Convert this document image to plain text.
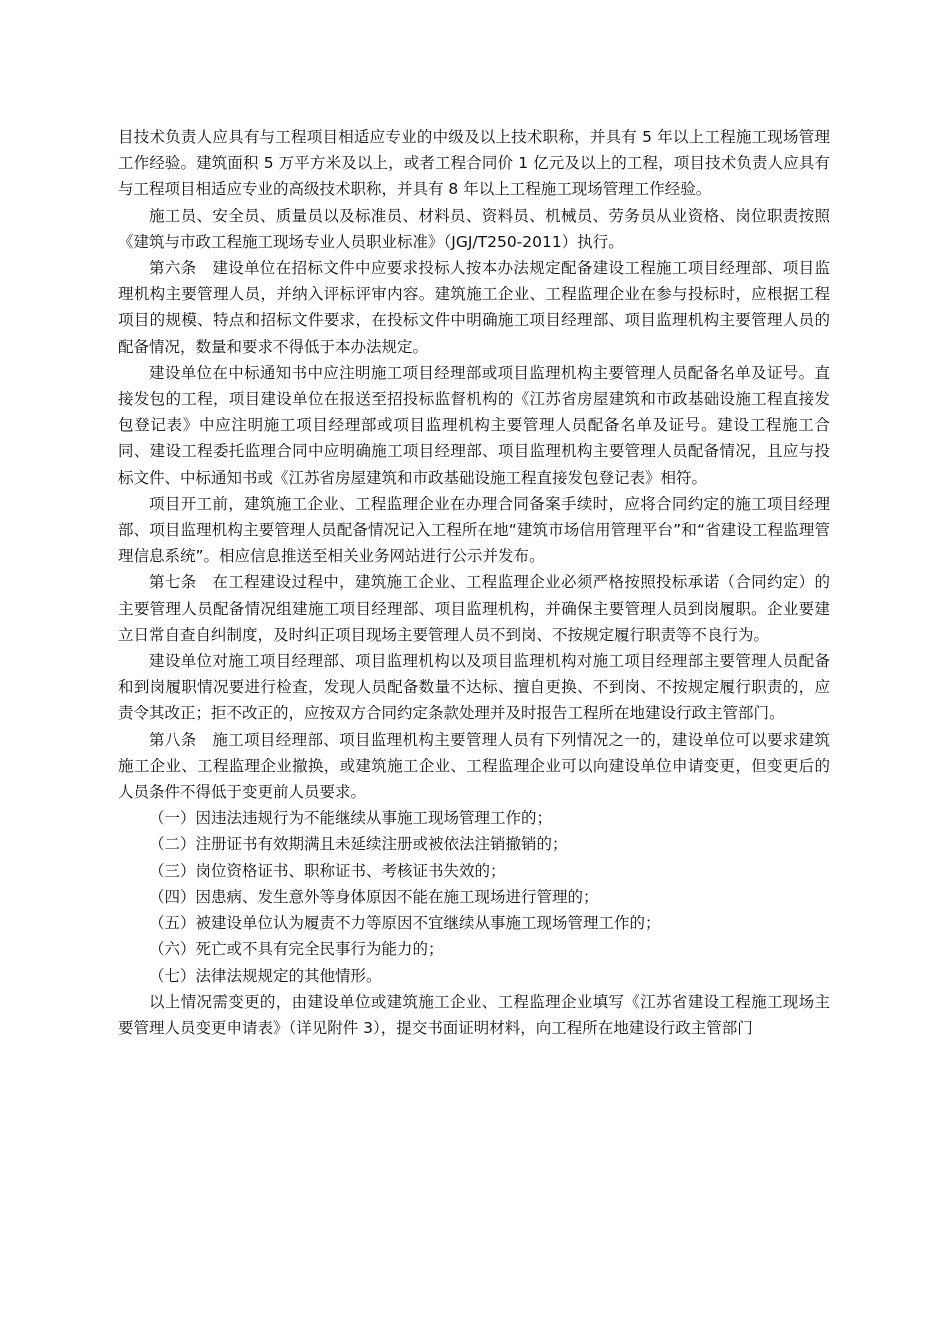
目技术负责人应具有与工程项目相适应专业的中级及以上技术职称，并具有 5 年以上工程施工现场管理工作经验。建筑面积 5 万平方米及以上，或者工程合同价 1 亿元及以上的工程，项目技术负责人应具有与工程项目相适应专业的高级技术职称，并具有 8 年以上工程施工现场管理工作经验。

施工员、安全员、质量员以及标准员、材料员、资料员、机械员、劳务员从业资格、岗位职责按照《建筑与市政工程施工现场专业人员职业标准》（JGJ/T250-2011）执行。

第六条　建设单位在招标文件中应要求投标人按本办法规定配备建设工程施工项目经理部、项目监理机构主要管理人员，并纳入评标评审内容。建筑施工企业、工程监理企业在参与投标时，应根据工程项目的规模、特点和招标文件要求，在投标文件中明确施工项目经理部、项目监理机构主要管理人员的配备情况，数量和要求不得低于本办法规定。

建设单位在中标通知书中应注明施工项目经理部或项目监理机构主要管理人员配备名单及证号。直接发包的工程，项目建设单位在报送至招投标监督机构的《江苏省房屋建筑和市政基础设施工程直接发包登记表》中应注明施工项目经理部或项目监理机构主要管理人员配备名单及证号。建设工程施工合同、建设工程委托监理合同中应明确施工项目经理部、项目监理机构主要管理人员配备情况，且应与投标文件、中标通知书或《江苏省房屋建筑和市政基础设施工程直接发包登记表》相符。

项目开工前，建筑施工企业、工程监理企业在办理合同备案手续时，应将合同约定的施工项目经理部、项目监理机构主要管理人员配备情况记入工程所在地“建筑市场信用管理平台”和“省建设工程监理管理信息系统”。相应信息推送至相关业务网站进行公示并发布。

第七条　在工程建设过程中，建筑施工企业、工程监理企业必须严格按照投标承诺（合同约定）的主要管理人员配备情况组建施工项目经理部、项目监理机构，并确保主要管理人员到岗履职。企业要建立日常自查自纠制度，及时纠正项目现场主要管理人员不到岗、不按规定履行职责等不良行为。

建设单位对施工项目经理部、项目监理机构以及项目监理机构对施工项目经理部主要管理人员配备和到岗履职情况要进行检查，发现人员配备数量不达标、擅自更换、不到岗、不按规定履行职责的，应责令其改正；拒不改正的，应按双方合同约定条款处理并及时报告工程所在地建设行政主管部门。

第八条　施工项目经理部、项目监理机构主要管理人员有下列情况之一的，建设单位可以要求建筑施工企业、工程监理企业撤换，或建筑施工企业、工程监理企业可以向建设单位申请变更，但变更后的人员条件不得低于变更前人员要求。

（一）因违法违规行为不能继续从事施工现场管理工作的；

（二）注册证书有效期满且未延续注册或被依法注销撤销的；

（三）岗位资格证书、职称证书、考核证书失效的；

（四）因患病、发生意外等身体原因不能在施工现场进行管理的；

（五）被建设单位认为履责不力等原因不宜继续从事施工现场管理工作的；

（六）死亡或不具有完全民事行为能力的；

（七）法律法规规定的其他情形。

以上情况需变更的，由建设单位或建筑施工企业、工程监理企业填写《江苏省建设工程施工现场主要管理人员变更申请表》（详见附件 3），提交书面证明材料，向工程所在地建设行政主管部门
